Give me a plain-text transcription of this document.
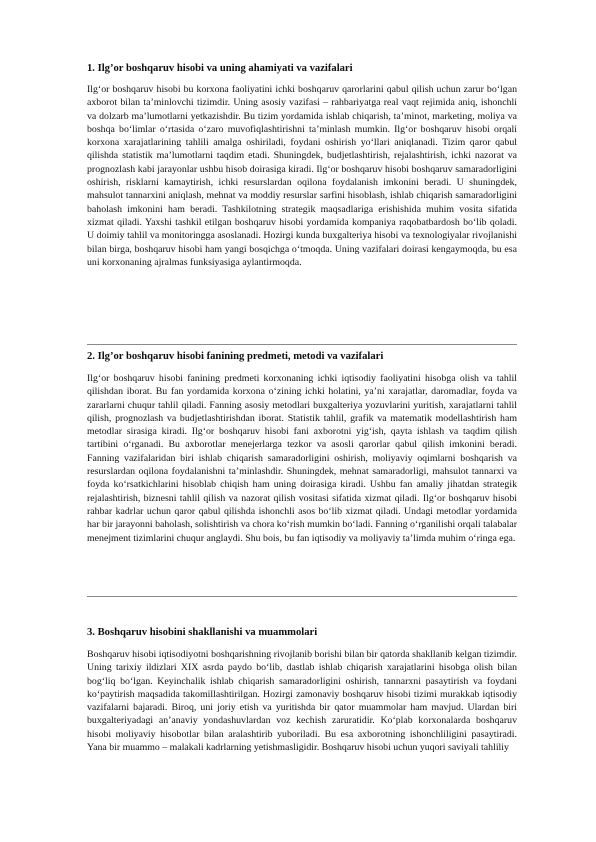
1. Ilg’or boshqaruv hisobi va uning ahamiyati va vazifalari

Ilg‘or boshqaruv hisobi bu korxona faoliyatini ichki boshqaruv qarorlarini qabul qilish uchun zarur bo‘lgan axborot bilan ta’minlovchi tizimdir. Uning asosiy vazifasi – rahbariyatga real vaqt rejimida aniq, ishonchli va dolzarb ma’lumotlarni yetkazishdir. Bu tizim yordamida ishlab chiqarish, ta’minot, marketing, moliya va boshqa bo‘limlar o‘rtasida o‘zaro muvofiqlashtirishni ta’minlash mumkin. Ilg‘or boshqaruv hisobi orqali korxona xarajatlarining tahlili amalga oshiriladi, foydani oshirish yo‘llari aniqlanadi. Tizim qaror qabul qilishda statistik ma’lumotlarni taqdim etadi. Shuningdek, budjetlashtirish, rejalashtirish, ichki nazorat va prognozlash kabi jarayonlar ushbu hisob doirasiga kiradi. Ilg‘or boshqaruv hisobi boshqaruv samaradorligini oshirish, risklarni kamaytirish, ichki resurslardan oqilona foydalanish imkonini beradi. U shuningdek, mahsulot tannarxini aniqlash, mehnat va moddiy resurslar sarfini hisoblash, ishlab chiqarish samaradorligini baholash imkonini ham beradi. Tashkilotning strategik maqsadlariga erishishida muhim vosita sifatida xizmat qiladi. Yaxshi tashkil etilgan boshqaruv hisobi yordamida kompaniya raqobatbardosh bo‘lib qoladi. U doimiy tahlil va monitoringga asoslanadi. Hozirgi kunda buxgalteriya hisobi va texnologiyalar rivojlanishi bilan birga, boshqaruv hisobi ham yangi bosqichga o‘tmoqda. Uning vazifalari doirasi kengaymoqda, bu esa uni korxonaning ajralmas funksiyasiga aylantirmoqda.

2. Ilg’or boshqaruv hisobi fanining predmeti, metodi va vazifalari

Ilg‘or boshqaruv hisobi fanining predmeti korxonaning ichki iqtisodiy faoliyatini hisobga olish va tahlil qilishdan iborat. Bu fan yordamida korxona o‘zining ichki holatini, ya’ni xarajatlar, daromadlar, foyda va zararlarni chuqur tahlil qiladi. Fanning asosiy metodlari buxgalteriya yozuvlarini yuritish, xarajatlarni tahlil qilish, prognozlash va budjetlashtirishdan iborat. Statistik tahlil, grafik va matematik modellashtirish ham metodlar sirasiga kiradi. Ilg‘or boshqaruv hisobi fani axborotni yig‘ish, qayta ishlash va taqdim qilish tartibini o‘rganadi. Bu axborotlar menejerlarga tezkor va asosli qarorlar qabul qilish imkonini beradi. Fanning vazifalaridan biri ishlab chiqarish samaradorligini oshirish, moliyaviy oqimlarni boshqarish va resurslardan oqilona foydalanishni ta’minlashdir. Shuningdek, mehnat samaradorligi, mahsulot tannarxi va foyda ko‘rsatkichlarini hisoblab chiqish ham uning doirasiga kiradi. Ushbu fan amaliy jihatdan strategik rejalashtirish, biznesni tahlil qilish va nazorat qilish vositasi sifatida xizmat qiladi. Ilg‘or boshqaruv hisobi rahbar kadrlar uchun qaror qabul qilishda ishonchli asos bo‘lib xizmat qiladi. Undagi metodlar yordamida har bir jarayonni baholash, solishtirish va chora ko‘rish mumkin bo‘ladi. Fanning o‘rganilishi orqali talabalar menejment tizimlarini chuqur anglaydi. Shu bois, bu fan iqtisodiy va moliyaviy ta’limda muhim o‘ringa ega.

3. Boshqaruv hisobini shakllanishi va muammolari

Boshqaruv hisobi iqtisodiyotni boshqarishning rivojlanib borishi bilan bir qatorda shakllanib kelgan tizimdir. Uning tarixiy ildizlari XIX asrda paydo bo‘lib, dastlab ishlab chiqarish xarajatlarini hisobga olish bilan bog‘liq bo‘lgan. Keyinchalik ishlab chiqarish samaradorligini oshirish, tannarxni pasaytirish va foydani ko‘paytirish maqsadida takomillashtirilgan. Hozirgi zamonaviy boshqaruv hisobi tizimi murakkab iqtisodiy vazifalarni bajaradi. Biroq, uni joriy etish va yuritishda bir qator muammolar ham mavjud. Ulardan biri buxgalteriyadagi an’anaviy yondashuvlardan voz kechish zaruratidir. Ko‘plab korxonalarda boshqaruv hisobi moliyaviy hisobotlar bilan aralashtirib yuboriladi. Bu esa axborotning ishonchliligini pasaytiradi. Yana bir muammo – malakali kadrlarning yetishmasligidir. Boshqaruv hisobi uchun yuqori saviyali tahliliy
